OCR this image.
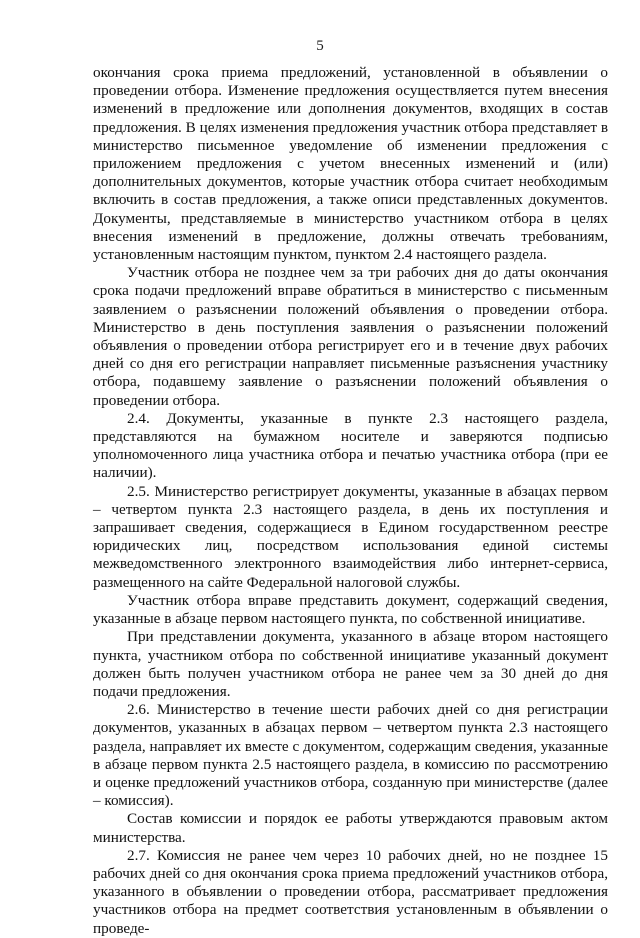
5

окончания срока приема предложений, установленной в объявлении о проведении отбора. Изменение предложения осуществляется путем внесения изменений в предложение или дополнения документов, входящих в состав предложения. В целях изменения предложения участник отбора представляет в министерство письменное уведомление об изменении предложения с приложением предложения с учетом внесенных изменений и (или) дополнительных документов, которые участник отбора считает необходимым включить в состав предложения, а также описи представленных документов. Документы, представляемые в министерство участником отбора в целях внесения изменений в предложение, должны отвечать требованиям, установленным настоящим пунктом, пунктом 2.4 настоящего раздела.

Участник отбора не позднее чем за три рабочих дня до даты окончания срока подачи предложений вправе обратиться в министерство с письменным заявлением о разъяснении положений объявления о проведении отбора. Министерство в день поступления заявления о разъяснении положений объявления о проведении отбора регистрирует его и в течение двух рабочих дней со дня его регистрации направляет письменные разъяснения участнику отбора, подавшему заявление о разъяснении положений объявления о проведении отбора.

2.4. Документы, указанные в пункте 2.3 настоящего раздела, представляются на бумажном носителе и заверяются подписью уполномоченного лица участника отбора и печатью участника отбора (при ее наличии).

2.5. Министерство регистрирует документы, указанные в абзацах первом – четвертом пункта 2.3 настоящего раздела, в день их поступления и запрашивает сведения, содержащиеся в Едином государственном реестре юридических лиц, посредством использования единой системы межведомственного электронного взаимодействия либо интернет-сервиса, размещенного на сайте Федеральной налоговой службы.

Участник отбора вправе представить документ, содержащий сведения, указанные в абзаце первом настоящего пункта, по собственной инициативе.

При представлении документа, указанного в абзаце втором настоящего пункта, участником отбора по собственной инициативе указанный документ должен быть получен участником отбора не ранее чем за 30 дней до дня подачи предложения.

2.6. Министерство в течение шести рабочих дней со дня регистрации документов, указанных в абзацах первом – четвертом пункта 2.3 настоящего раздела, направляет их вместе с документом, содержащим сведения, указанные в абзаце первом пункта 2.5 настоящего раздела, в комиссию по рассмотрению и оценке предложений участников отбора, созданную при министерстве (далее – комиссия).

Состав комиссии и порядок ее работы утверждаются правовым актом министерства.

2.7. Комиссия не ранее чем через 10 рабочих дней, но не позднее 15 рабочих дней со дня окончания срока приема предложений участников отбора, указанного в объявлении о проведении отбора, рассматривает предложения участников отбора на предмет соответствия установленным в объявлении о проведе-
